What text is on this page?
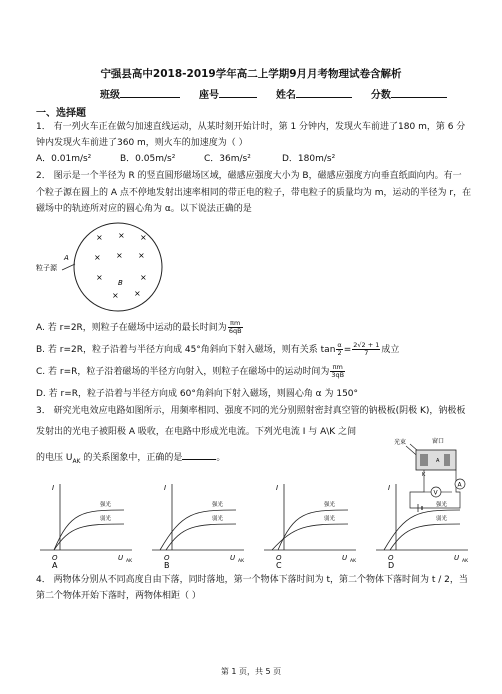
宁强县高中2018-2019学年高二上学期9月月考物理试卷含解析
班级	座号	姓名	分数
一、选择题
1． 有一列火车正在做匀加速直线运动，从某时刻开始计时，第 1 分钟内，发现火车前进了180 m，第 6 分
钟内发现火车前进了360 m，则火车的加速度为（ ）
A．0.01m/s²	B．0.05m/s²	C．36m/s²	D．180m/s²
2． 图示是一个半径为 R 的竖直圆形磁场区域，磁感应强度大小为 B，磁感应强度方向垂直纸面向内。有一
个粒子源在圆上的 A 点不停地发射出速率相同的带正电的粒子，带电粒子的质量均为 m，运动的半径为 r，在
磁场中的轨迹所对应的圆心角为 α。以下说法正确的是
粒子源
A
B
× × ×
× × ×
×	×
× ×
A. 若 r=2R，则粒子在磁场中运动的最长时间为 $\frac{\pi m}{6qB}$
B. 若 r=2R，粒子沿着与半径方向成 45°角斜向下射入磁场，则有关系 $\tan \frac{\alpha}{2} = \frac{2√2 + 1}{7}$ 成立
C. 若 r=R，粒子沿着磁场的半径方向射入，则粒子在磁场中的运动时间为 $\frac{\pi m}{3qB}$
D. 若 r=R，粒子沿着与半径方向成 60°角斜向下射入磁场，则圆心角 α 为 150°
3． 研究光电效应电路如图所示，用频率相同、强度不同的光分别照射密封真空管的钠极板(阴极 K)，钠极板
发射出的光电子被阳极 A 吸收，在电路中形成光电流。下列光电流 I 与 A\K 之间
的电压 $U_{AK}$ 的关系图象中，正确的是	。
光束	窗口
A
K
V
A
I
O	U AK
强光
弱光
A
I
O	U AK
强光
弱光
B
I
O	U AK
强光
弱光
C
I
O	U AK
强光
弱光
D
4． 两物体分别从不同高度自由下落，同时落地，第一个物体下落时间为 t，第二个物体下落时间为 t / 2，当
第二个物体开始下落时，两物体相距（ ）
第 1 页，共 5 页
